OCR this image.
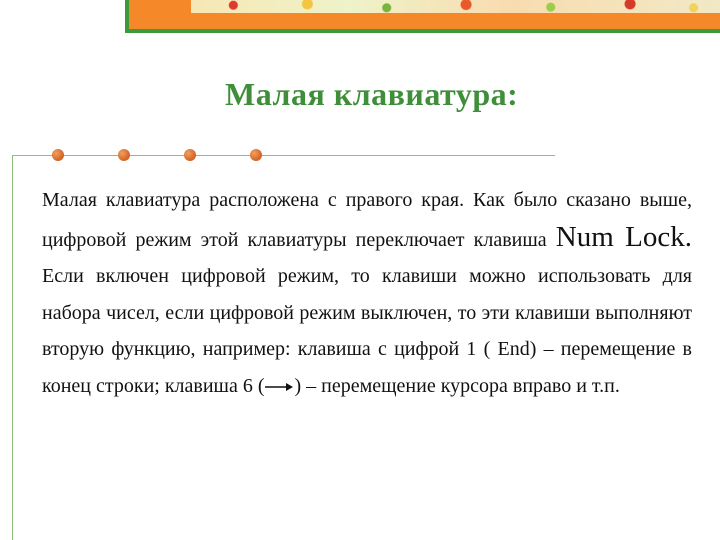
Малая клавиатура:

Малая клавиатура расположена с правого края. Как было сказано выше, цифровой режим этой клавиатуры переключает клавиша Num Lock. Если включен цифровой режим, то клавиши можно использовать для набора чисел, если цифровой режим выключен, то эти клавиши выполняют вторую функцию, например: клавиша с цифрой 1 ( End) – перемещение в конец строки; клавиша 6 ( ) – перемещение курсора вправо и т.п.
